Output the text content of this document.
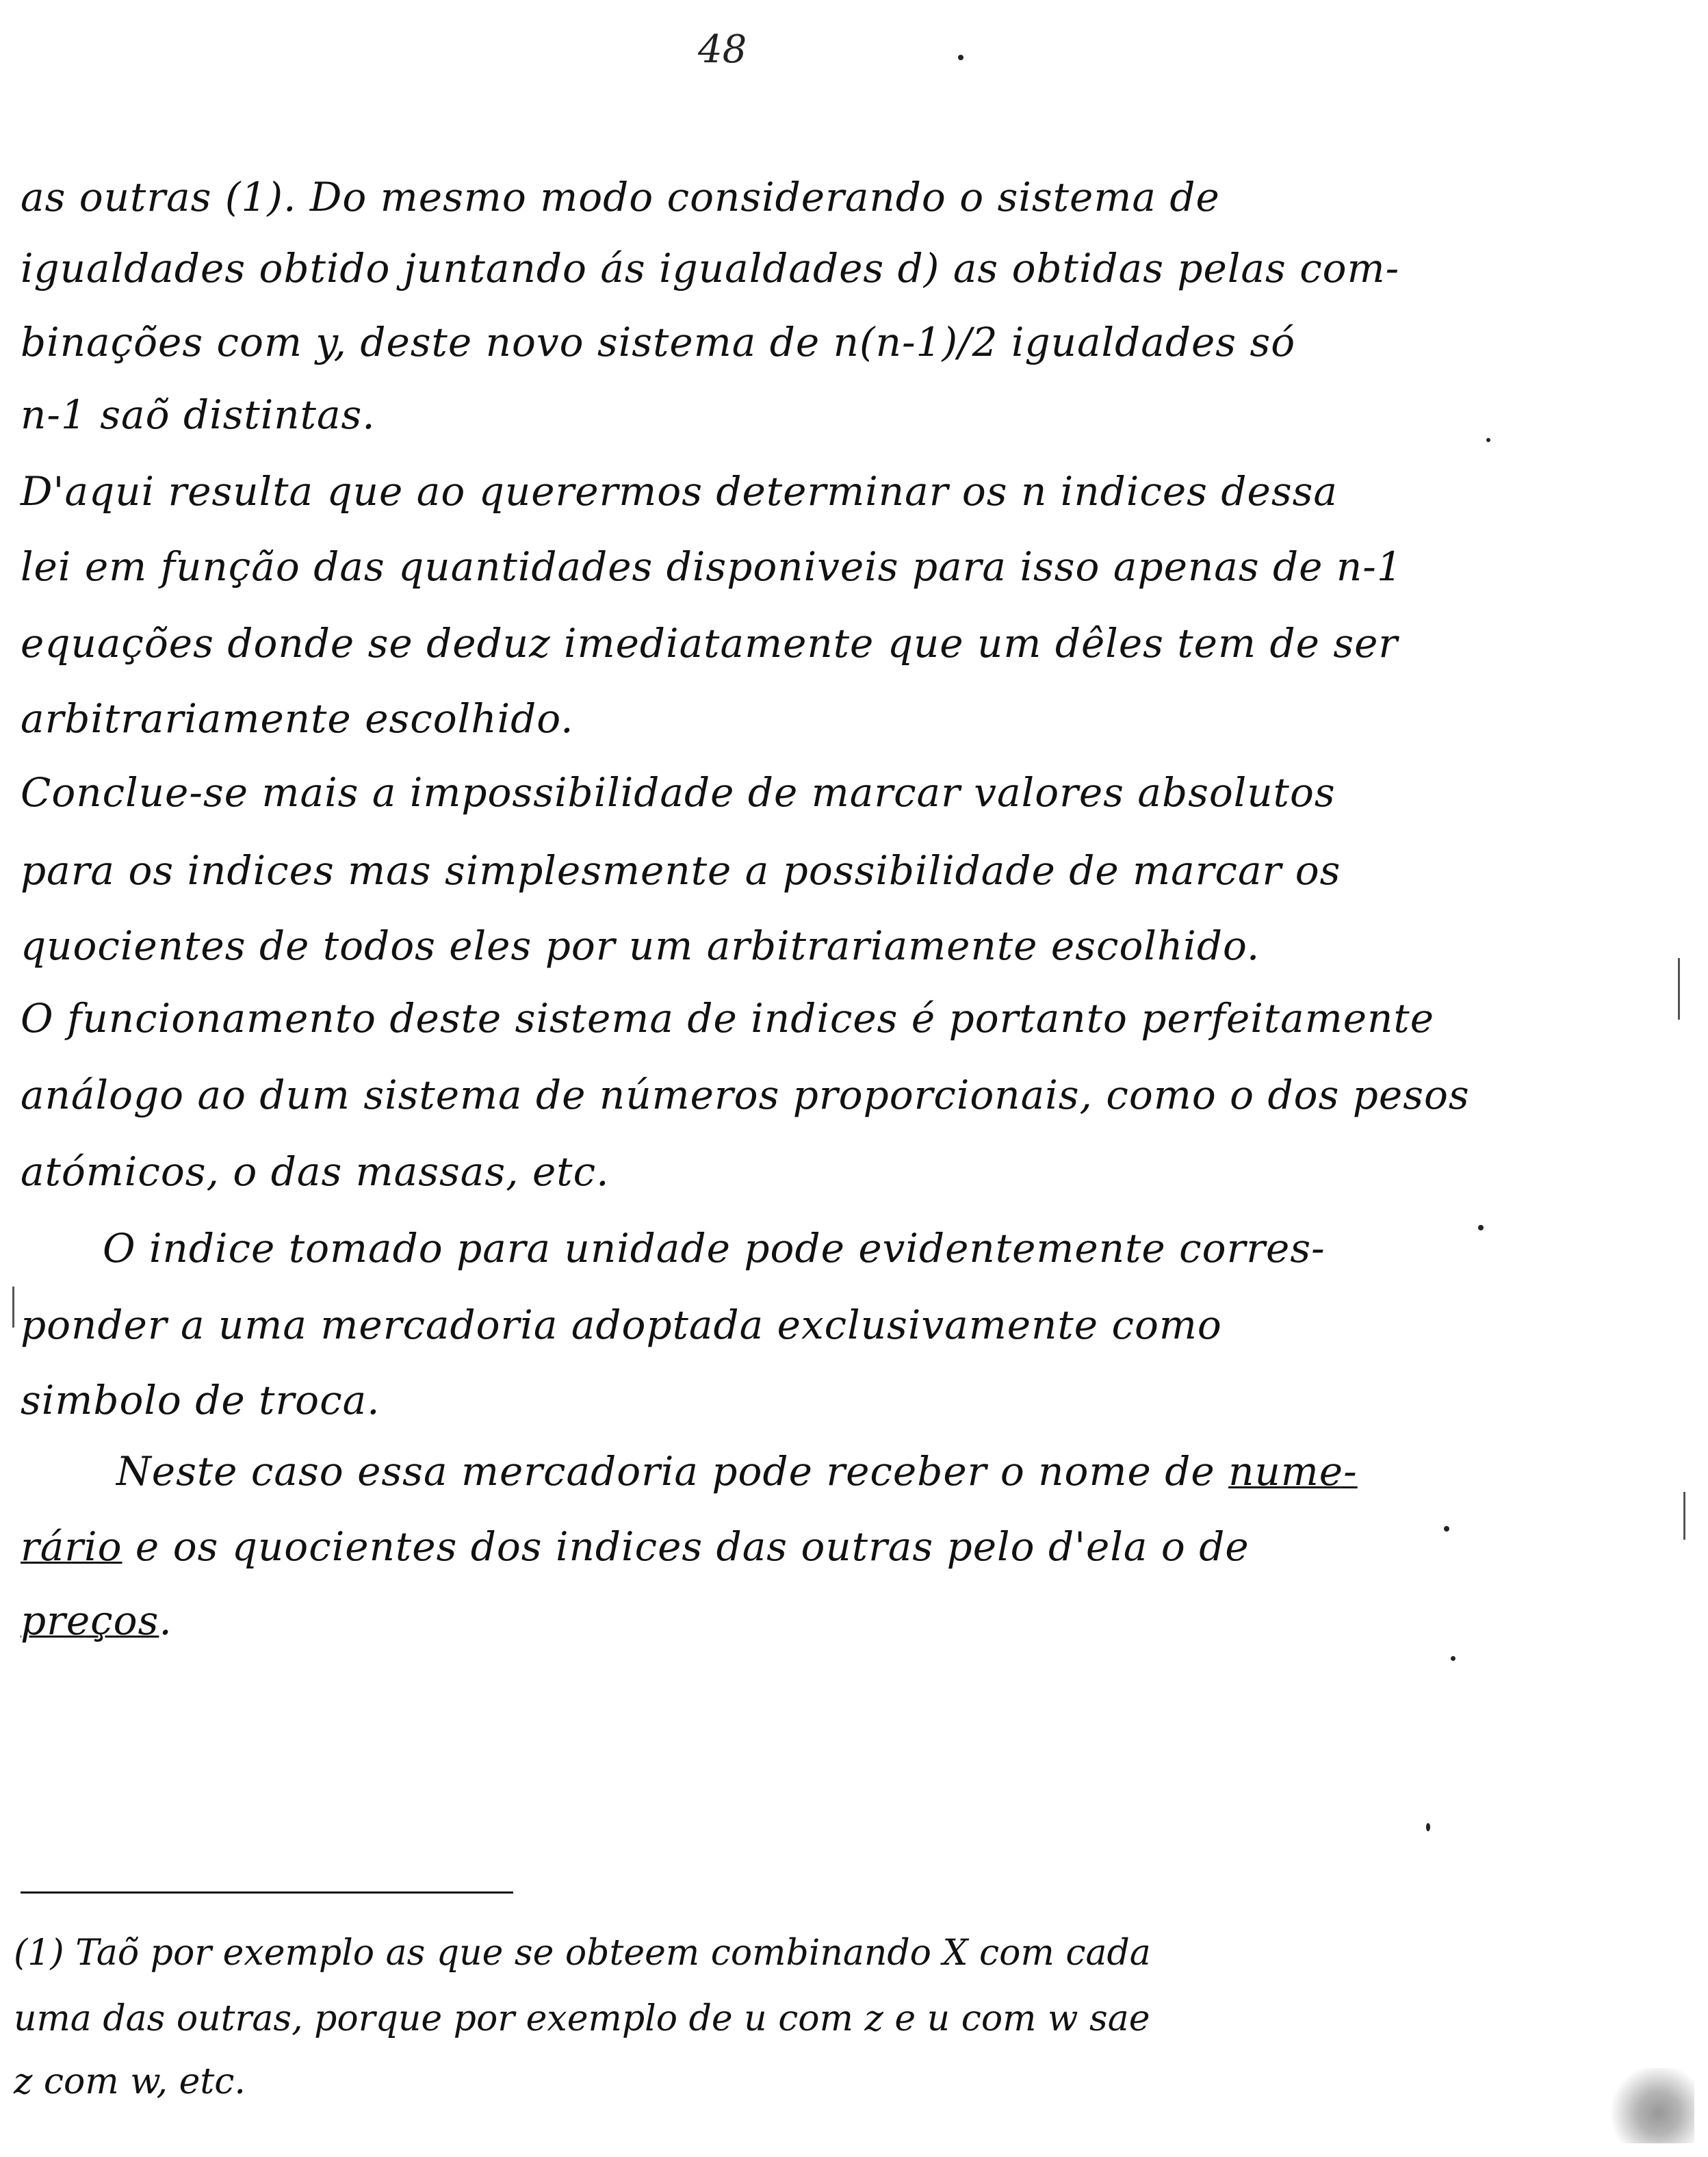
48
as outras (1). Do mesmo modo considerando o sistema de
igualdades obtido juntando ás igualdades d) as obtidas pelas com-
binações com y, deste novo sistema de n(n-1)/2 igualdades só
n-1 saõ distintas.
D'aqui resulta que ao querermos determinar os n indices dessa
lei em função das quantidades disponiveis para isso apenas de n-1
equações donde se deduz imediatamente que um dêles tem de ser
arbitrariamente escolhido.
Conclue-se mais a impossibilidade de marcar valores absolutos
para os indices mas simplesmente a possibilidade de marcar os
quocientes de todos eles por um arbitrariamente escolhido.
O funcionamento deste sistema de indices é portanto perfeitamente
análogo ao dum sistema de números proporcionais, como o dos pesos
atómicos, o das massas, etc.
O indice tomado para unidade pode evidentemente corres-
ponder a uma mercadoria adoptada exclusivamente como
simbolo de troca.
Neste caso essa mercadoria pode receber o nome de nume-
rário e os quocientes dos indices das outras pelo d'ela o de
preços.
(1) Taõ por exemplo as que se obteem combinando X com cada
uma das outras, porque por exemplo de u com z e u com w sae
z com w, etc.
